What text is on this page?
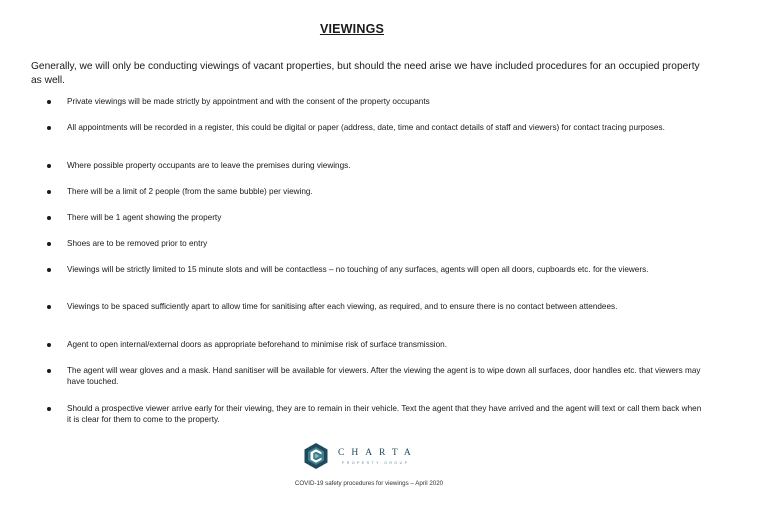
VIEWINGS
Generally, we will only be conducting viewings of vacant properties, but should the need arise we have included procedures for an occupied property as well.
Private viewings will be made strictly by appointment and with the consent of the property occupants
All appointments will be recorded in a register, this could be digital or paper (address, date, time and contact details of staff and viewers) for contact tracing purposes.
Where possible property occupants are to leave the premises during viewings.
There will be a limit of 2 people (from the same bubble) per viewing.
There will be 1 agent showing the property
Shoes are to be removed prior to entry
Viewings will be strictly limited to 15 minute slots and will be contactless – no touching of any surfaces, agents will open all doors, cupboards etc. for the viewers.
Viewings to be spaced sufficiently apart to allow time for sanitising after each viewing, as required, and to ensure there is no contact between attendees.
Agent to open internal/external doors as appropriate beforehand to minimise risk of surface transmission.
The agent will wear gloves and a mask. Hand sanitiser will be available for viewers. After the viewing the agent is to wipe down all surfaces, door handles etc. that viewers may have touched.
Should a prospective viewer arrive early for their viewing, they are to remain in their vehicle. Text the agent that they have arrived and the agent will text or call them back when it is clear for them to come to the property.
CHARTA
PROPERTY GROUP
COVID-19 safety procedures for viewings – April 2020
